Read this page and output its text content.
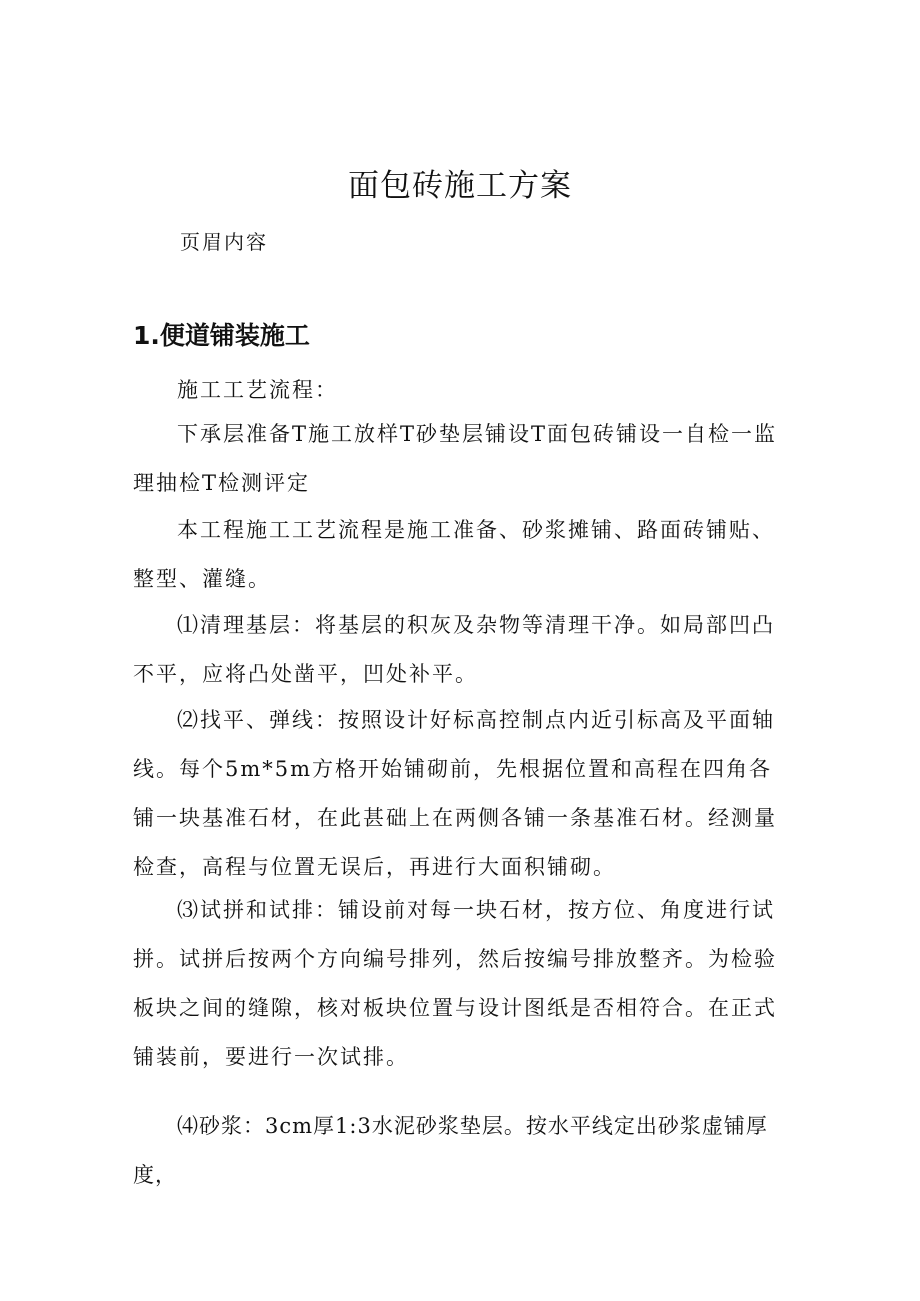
面包砖施工方案
页眉内容
1.便道铺装施工

施工工艺流程：

下承层准备T施工放样T砂垫层铺设T面包砖铺设一自检一监理抽检T检测评定

本工程施工工艺流程是施工准备、砂浆摊铺、路面砖铺贴、整型、灌缝。

⑴清理基层：将基层的积灰及杂物等清理干净。如局部凹凸不平，应将凸处凿平，凹处补平。

⑵找平、弹线：按照设计好标高控制点内近引标高及平面轴线。每个5m*5m方格开始铺砌前，先根据位置和高程在四角各铺一块基准石材，在此甚础上在两侧各铺一条基准石材。经测量检查，高程与位置无误后，再进行大面积铺砌。

⑶试拼和试排：铺设前对每一块石材，按方位、角度进行试拼。试拼后按两个方向编号排列，然后按编号排放整齐。为检验板块之间的缝隙，核对板块位置与设计图纸是否相符合。在正式铺装前，要进行一次试排。

⑷砂浆：3cm厚1:3水泥砂浆垫层。按水平线定出砂浆虚铺厚度，
